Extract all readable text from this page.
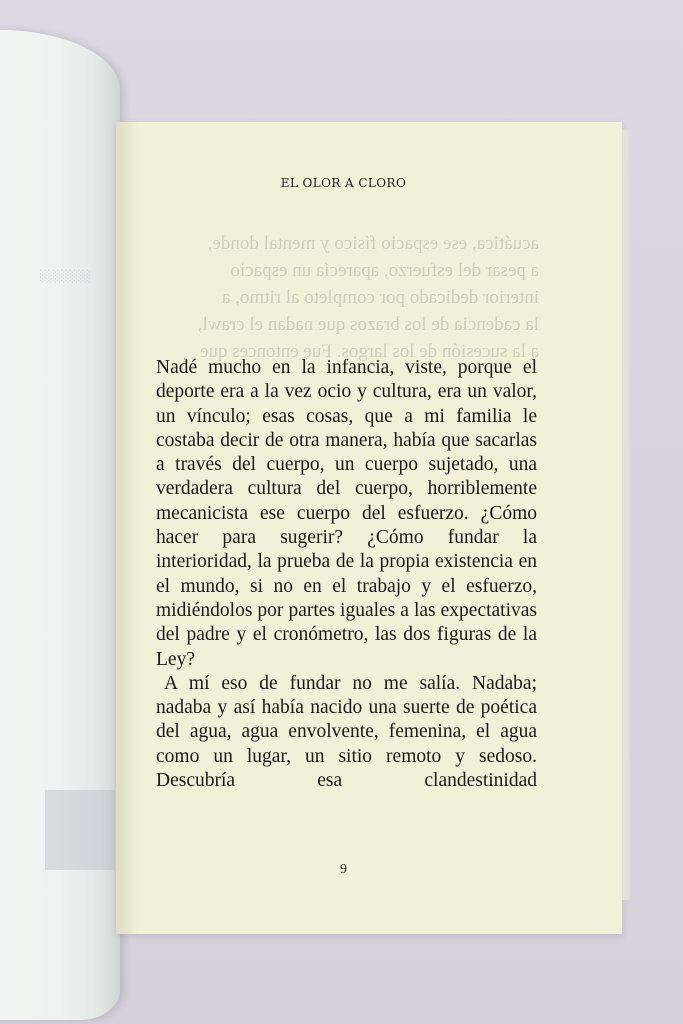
░░░░░░
EL OLOR A CLORO
acuática, ese espacio físico y mental donde,
a pesar del esfuerzo, aparecía un espacio
interior dedicado por completo al ritmo, a
la cadencia de los brazos que nadan el crawl,
a la sucesión de los largos. Fue entonces que

Nadé mucho en la infancia, viste, porque el deporte era a la vez ocio y cultura, era un valor, un vínculo; esas cosas, que a mi familia le costaba decir de otra manera, había que sacarlas a través del cuerpo, un cuerpo sujetado, una verdadera cultura del cuerpo, horriblemente mecanicista ese cuerpo del esfuerzo. ¿Cómo hacer para sugerir? ¿Cómo fundar la interioridad, la prueba de la propia existencia en el mundo, si no en el trabajo y el esfuerzo, midiéndolos por partes iguales a las expectativas del padre y el cronómetro, las dos figuras de la Ley?

A mí eso de fundar no me salía. Nadaba; nadaba y así había nacido una suerte de poética del agua, agua envolvente, femenina, el agua como un lugar, un sitio remoto y sedoso. Descubría esa clandestinidad

9
